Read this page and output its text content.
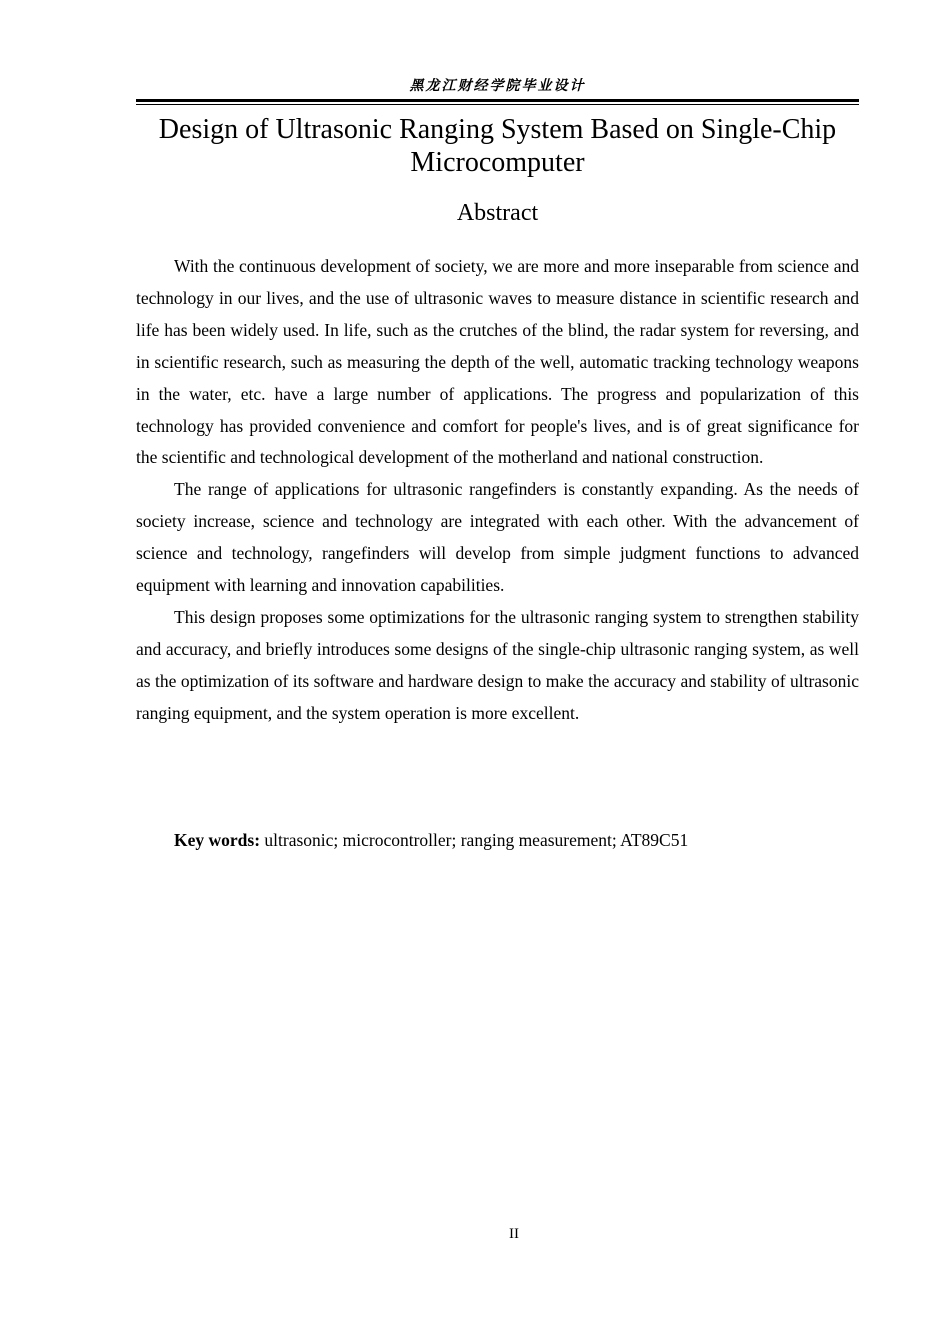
黑龙江财经学院毕业设计
Design of Ultrasonic Ranging System Based on Single-Chip Microcomputer
Abstract

With the continuous development of society, we are more and more inseparable from science and technology in our lives, and the use of ultrasonic waves to measure distance in scientific research and life has been widely used. In life, such as the crutches of the blind, the radar system for reversing, and in scientific research, such as measuring the depth of the well, automatic tracking technology weapons in the water, etc. have a large number of applications. The progress and popularization of this technology has provided convenience and comfort for people's lives, and is of great significance for the scientific and technological development of the motherland and national construction.

The range of applications for ultrasonic rangefinders is constantly expanding. As the needs of society increase, science and technology are integrated with each other. With the advancement of science and technology, rangefinders will develop from simple judgment functions to advanced equipment with learning and innovation capabilities.

This design proposes some optimizations for the ultrasonic ranging system to strengthen stability and accuracy, and briefly introduces some designs of the single-chip ultrasonic ranging system, as well as the optimization of its software and hardware design to make the accuracy and stability of ultrasonic ranging equipment, and the system operation is more excellent.

Key words: ultrasonic; microcontroller; ranging measurement; AT89C51

II
